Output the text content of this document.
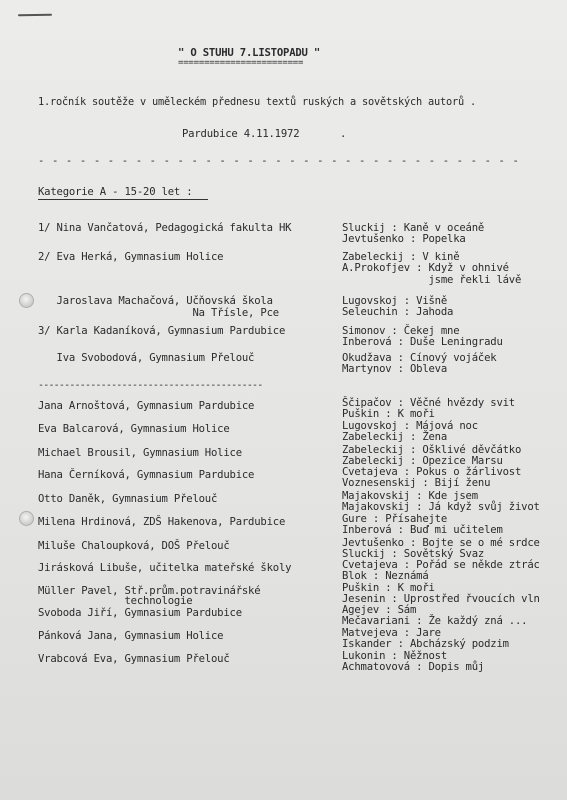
" O STUHU 7.LISTOPADU "
========================
1.ročník soutěže v uměleckém přednesu textů ruských a sovětských autorů .
Pardubice 4.11.1972	.
- - - - - - - - - - - - - - - - - - - - - - - - - - - - - - - - - - -
Kategorie A - 15-20 let :
1/ Nina Vančatová, Pedagogická fakulta HK	Sluckij : Kaně v oceáně
Jevtušenko : Popelka
2/ Eva Herká, Gymnasium Holice	Zabeleckij : V kině
A.Prokofjev : Když v ohnivé
jsme řekli lávě
Jaroslava Machačová, Učňovská škola
Na Třísle, Pce
Lugovskoj : Višně
Seleuchin : Jahoda
3/ Karla Kadaníková, Gymnasium Pardubice	Simonov : Čekej mne
Inberová : Duše Leningradu
Iva Svobodová, Gymnasium Přelouč	Okudžava : Cínový vojáček
Martynov : Obleva
-------------------------------------------
Jana Arnoštová, Gymnasium Pardubice	Ščipačov : Věčné hvězdy svit
Puškin : K moři
Eva Balcarová, Gymnasium Holice	Lugovskoj : Májová noc
Zabeleckij : Žena
Michael Brousil, Gymnasium Holice	Zabeleckij : Ošklivé děvčátko
Zabeleckij : Opezice Marsu
Hana Černíková, Gymnasium Pardubice	Cvetajeva : Pokus o žárlivost
Voznesenskij : Bijí ženu
Otto Daněk, Gymnasium Přelouč	Majakovskij : Kde jsem
Majakovskij : Já když svůj život
Milena Hrdinová, ZDŠ Hakenova, Pardubice	Gure : Přísahejte
Inberová : Buď mi učitelem
Miluše Chaloupková, DOŠ Přelouč	Jevtušenko : Bojte se o mé srdce
Sluckij : Sovětský Svaz
Jirásková Libuše, učitelka mateřské školy	Cvetajeva : Pořád se někde ztrác
Blok : Neznámá
Müller Pavel, Stř.prům.potravinářské
technologie
Puškin : K moři
Jesenin : Uprostřed řvoucích vln
Svoboda Jiří, Gymnasium Pardubice	Agejev : Sám
Mečavariani : Že každý zná ...
Pánková Jana, Gymnasium Holice	Matvejeva : Jare
Iskander : Abcházský podzim
Vrabcová Eva, Gymnasium Přelouč	Lukonin : Něžnost
Achmatovová : Dopis můj
